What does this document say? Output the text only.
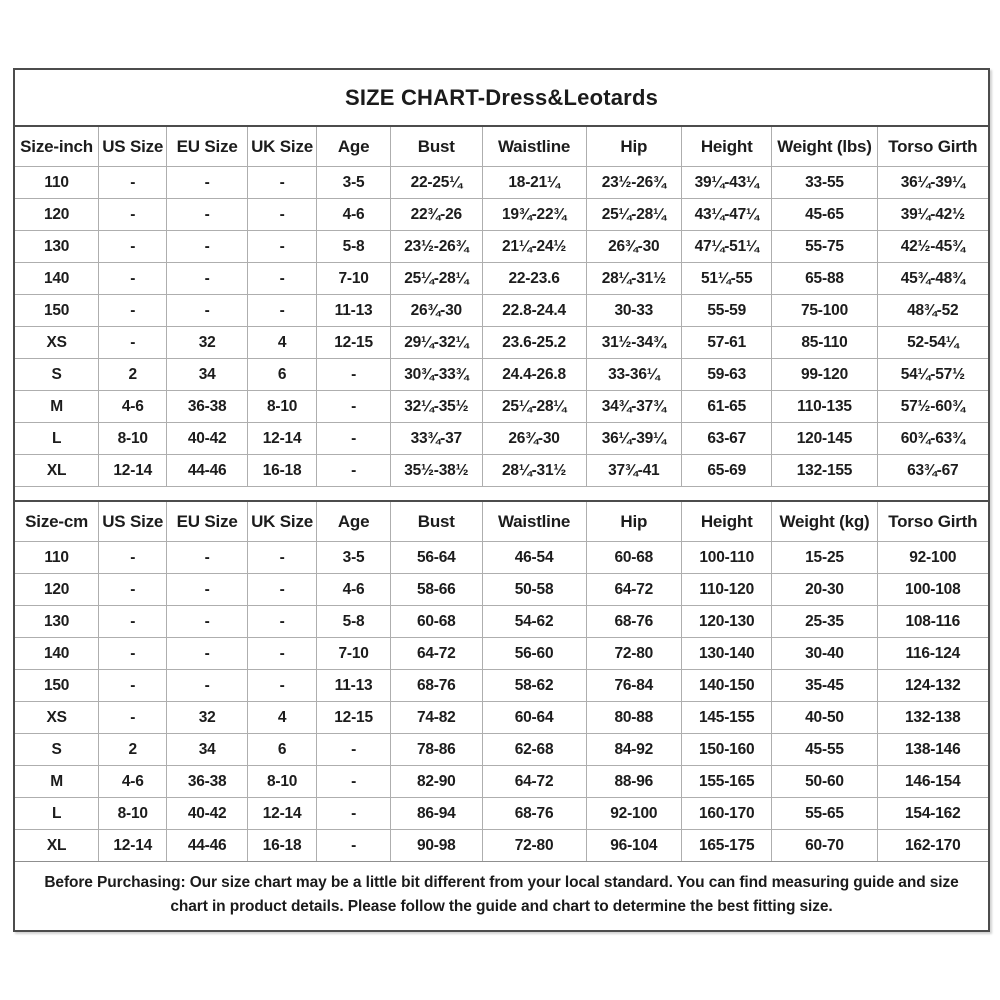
SIZE CHART-Dress&Leotards
Size-inch	US Size	EU Size	UK Size	Age	Bust	Waistline	Hip	Height	Weight (lbs)	Torso Girth
110	-	-	-	3-5	22-25¼	18-21¼	23½-26¾	39¼-43¼	33-55	36¼-39¼
120	-	-	-	4-6	22¾-26	19¾-22¾	25¼-28¼	43¼-47¼	45-65	39¼-42½
130	-	-	-	5-8	23½-26¾	21¼-24½	26¾-30	47¼-51¼	55-75	42½-45¾
140	-	-	-	7-10	25¼-28¼	22-23.6	28¼-31½	51¼-55	65-88	45¾-48¾
150	-	-	-	11-13	26¾-30	22.8-24.4	30-33	55-59	75-100	48¾-52
XS	-	32	4	12-15	29¼-32¼	23.6-25.2	31½-34¾	57-61	85-110	52-54¼
S	2	34	6	-	30¾-33¾	24.4-26.8	33-36¼	59-63	99-120	54¼-57½
M	4-6	36-38	8-10	-	32¼-35½	25¼-28¼	34¾-37¾	61-65	110-135	57½-60¾
L	8-10	40-42	12-14	-	33¾-37	26¾-30	36¼-39¼	63-67	120-145	60¾-63¾
XL	12-14	44-46	16-18	-	35½-38½	28¼-31½	37¾-41	65-69	132-155	63¾-67
Size-cm	US Size	EU Size	UK Size	Age	Bust	Waistline	Hip	Height	Weight (kg)	Torso Girth
110	-	-	-	3-5	56-64	46-54	60-68	100-110	15-25	92-100
120	-	-	-	4-6	58-66	50-58	64-72	110-120	20-30	100-108
130	-	-	-	5-8	60-68	54-62	68-76	120-130	25-35	108-116
140	-	-	-	7-10	64-72	56-60	72-80	130-140	30-40	116-124
150	-	-	-	11-13	68-76	58-62	76-84	140-150	35-45	124-132
XS	-	32	4	12-15	74-82	60-64	80-88	145-155	40-50	132-138
S	2	34	6	-	78-86	62-68	84-92	150-160	45-55	138-146
M	4-6	36-38	8-10	-	82-90	64-72	88-96	155-165	50-60	146-154
L	8-10	40-42	12-14	-	86-94	68-76	92-100	160-170	55-65	154-162
XL	12-14	44-46	16-18	-	90-98	72-80	96-104	165-175	60-70	162-170
Before Purchasing: Our size chart may be a little bit different from your local standard. You can find measuring guide and size chart in product details. Please follow the guide and chart to determine the best fitting size.
